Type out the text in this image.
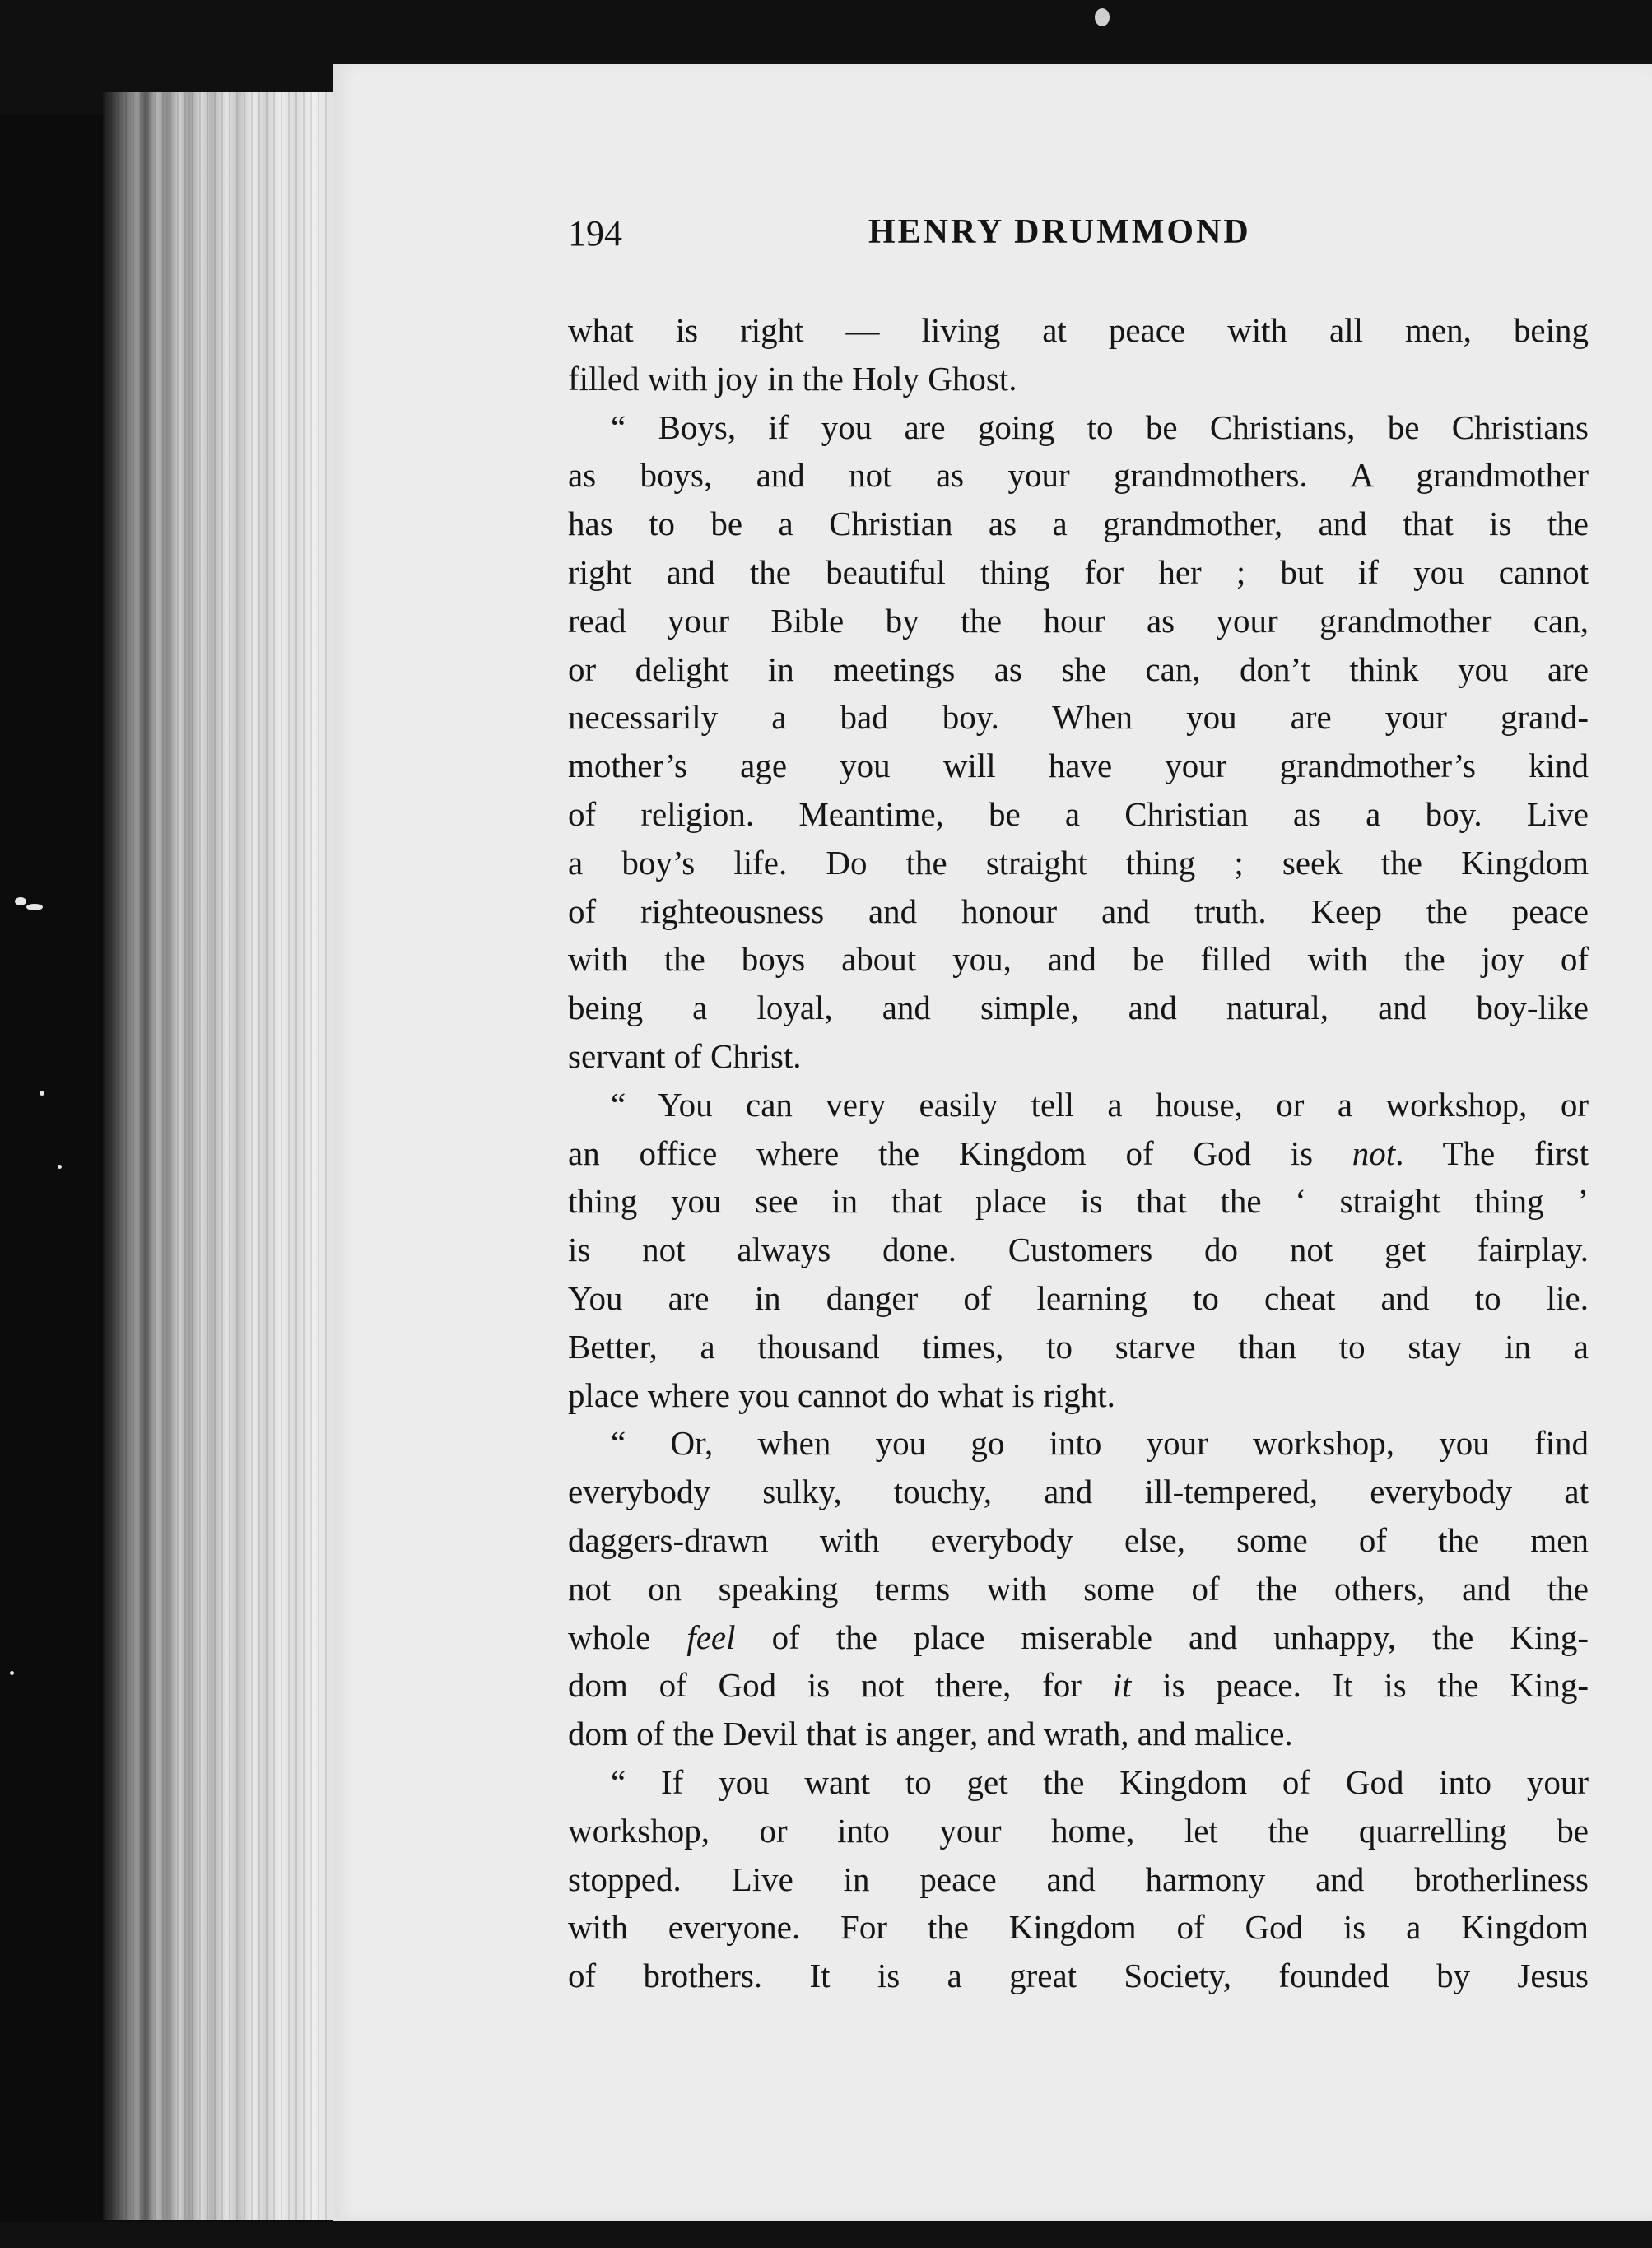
194	HENRY DRUMMOND
what is right — living at peace with all men, being
filled with joy in the Holy Ghost.
“ Boys, if you are going to be Christians, be Christians
as boys, and not as your grandmothers. A grandmother
has to be a Christian as a grandmother, and that is the
right and the beautiful thing for her ; but if you cannot
read your Bible by the hour as your grandmother can,
or delight in meetings as she can, don’t think you are
necessarily a bad boy. When you are your grand-
mother’s age you will have your grandmother’s kind
of religion. Meantime, be a Christian as a boy. Live
a boy’s life. Do the straight thing ; seek the Kingdom
of righteousness and honour and truth. Keep the peace
with the boys about you, and be filled with the joy of
being a loyal, and simple, and natural, and boy-like
servant of Christ.
“ You can very easily tell a house, or a workshop, or
an office where the Kingdom of God is not. The first
thing you see in that place is that the ‘ straight thing ’
is not always done. Customers do not get fairplay.
You are in danger of learning to cheat and to lie.
Better, a thousand times, to starve than to stay in a
place where you cannot do what is right.
“ Or, when you go into your workshop, you find
everybody sulky, touchy, and ill-tempered, everybody at
daggers-drawn with everybody else, some of the men
not on speaking terms with some of the others, and the
whole feel of the place miserable and unhappy, the King-
dom of God is not there, for it is peace. It is the King-
dom of the Devil that is anger, and wrath, and malice.
“ If you want to get the Kingdom of God into your
workshop, or into your home, let the quarrelling be
stopped. Live in peace and harmony and brotherliness
with everyone. For the Kingdom of God is a Kingdom
of brothers. It is a great Society, founded by Jesus
